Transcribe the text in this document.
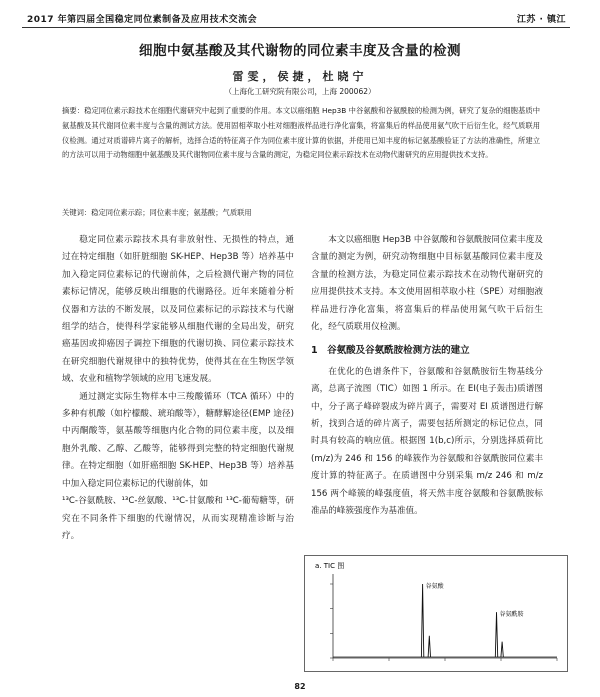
2017 年第四届全国稳定同位素制备及应用技术交流会	江苏 · 镇江
细胞中氨基酸及其代谢物的同位素丰度及含量的检测
雷雯，侯捷，杜晓宁
（上海化工研究院有限公司，上海 200062）
摘要：稳定同位素示踪技术在细胞代谢研究中起到了重要的作用。本文以癌细胞 Hep3B 中谷氨酸和谷氨酰胺的检测为例，研究了复杂的细胞基质中氨基酸及其代谢同位素丰度与含量的测试方法。使用固相萃取小柱对细胞液样品进行净化富集，将富集后的样品使用氨气吹干后衍生化，经气质联用仪检测。通过对质谱碎片离子的解析，选择合适的特征离子作为同位素丰度计算的依据，并使用已知丰度的标记氨基酸验证了方法的准确性，所建立的方法可以用于动物细胞中氨基酸及其代谢物同位素丰度与含量的测定，为稳定同位素示踪技术在动物代谢研究的应用提供技术支持。
关键词：稳定同位素示踪；同位素丰度；氨基酸；气质联用

稳定同位素示踪技术具有非放射性、无损性的特点，通过在特定细胞（如肝脏细胞 SK-HEP、Hep3B 等）培养基中加入稳定同位素标记的代谢前体，之后检测代谢产物的同位素标记情况，能够反映出细胞的代谢路径。近年来随着分析仪器和方法的不断发展，以及同位素标记的示踪技术与代谢组学的结合，使得科学家能够从细胞代谢的全局出发，研究癌基因或抑癌因子调控下细胞的代谢切换、同位素示踪技术在研究细胞代谢规律中的独特优势，使得其在在生物医学领域、农业和植物学领域的应用飞速发展。

通过测定实际生物样本中三羧酸循环（TCA 循环）中的多种有机酸（如柠檬酸、琥珀酸等），糖酵解途径(EMP 途径)中丙酮酸等，氨基酸等细胞内化合物的同位素丰度，以及细胞外乳酸、乙醇、乙酸等，能够得到完整的特定细胞代谢规律。在特定细胞（如肝癌细胞 SK-HEP、Hep3B 等）培养基中加入稳定同位素标记的代谢前体，如

¹³C-谷氨酰胺、¹³C-丝氨酸、¹³C-甘氨酸和 ¹³C-葡萄糖等，研究在不同条件下细胞的代谢情况，从而实现精准诊断与治疗。

本文以癌细胞 Hep3B 中谷氨酸和谷氨酰胺同位素丰度及含量的测定为例，研究动物细胞中目标氨基酸同位素丰度及含量的检测方法，为稳定同位素示踪技术在动物代谢研究的应用提供技术支持。本文使用固相萃取小柱（SPE）对细胞液样品进行净化富集，将富集后的样品使用氮气吹干后衍生化，经气质联用仪检测。

1　谷氨酸及谷氨酰胺检测方法的建立

在优化的色谱条件下，谷氨酸和谷氨酰胺衍生物基线分离，总离子流图（TIC）如图 1 所示。在 EI(电子轰击)质谱图中，分子离子峰碎裂成为碎片离子，需要对 EI 质谱图进行解析，找到合适的碎片离子，需要包括所测定的标记位点，同时具有较高的响应值。根据图 1(b,c)所示，分别选择质荷比(m/z)为 246 和 156 的峰簇作为谷氨酸和谷氨酰胺同位素丰度计算的特征离子。在质谱图中分别采集 m/z 246 和 m/z 156 两个峰簇的峰强度值，将天然丰度谷氨酸和谷氨酰胺标准品的峰簇强度作为基准值。

a. TIC 图
谷氨酸
谷氨酰胺
82
